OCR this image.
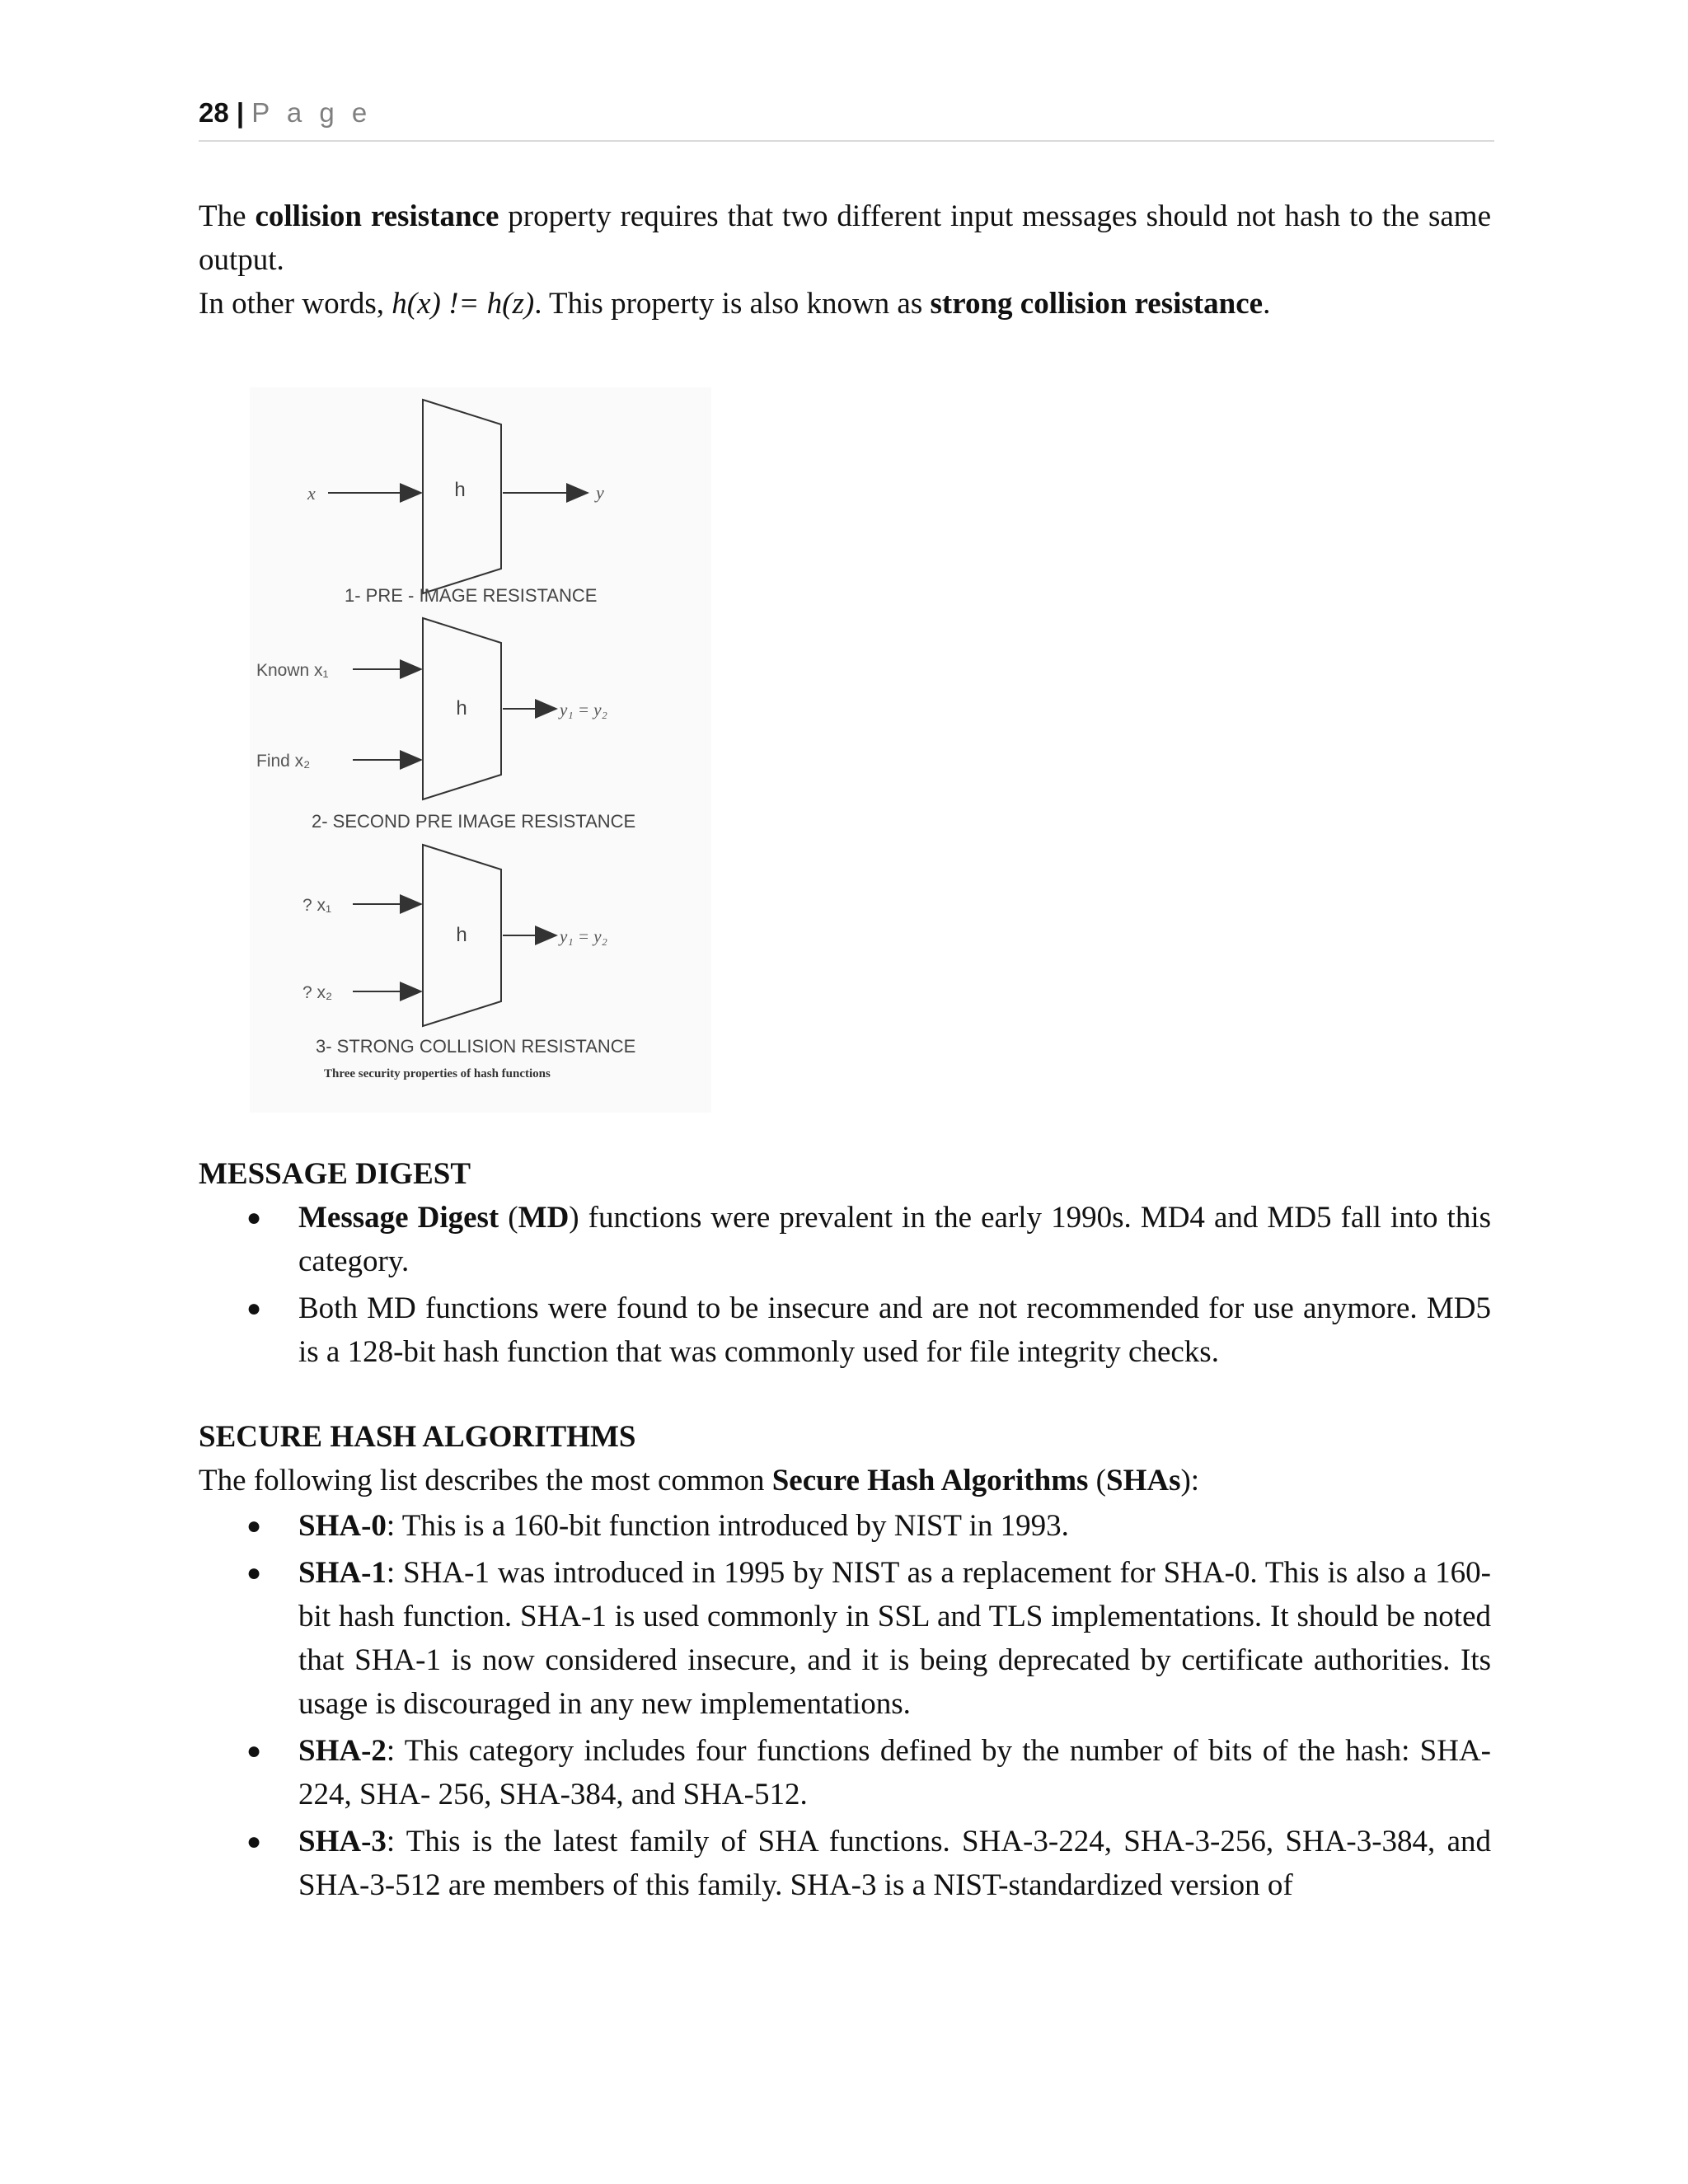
28 | P a g e

The collision resistance property requires that two different input messages should not hash to the same output.

In other words, h(x) != h(z). This property is also known as strong collision resistance.

h
x	y
1- PRE - IMAGE RESISTANCE
h
Known x₁
Find x₂
y₁ = y₂
2- SECOND PRE IMAGE RESISTANCE
h
? x₁
? x₂
y₁ = y₂
3- STRONG COLLISION RESISTANCE
Three security properties of hash functions
MESSAGE DIGEST
● Message Digest (MD) functions were prevalent in the early 1990s. MD4 and MD5 fall into this category.
● Both MD functions were found to be insecure and are not recommended for use anymore. MD5 is a 128-bit hash function that was commonly used for file integrity checks.
SECURE HASH ALGORITHMS

The following list describes the most common Secure Hash Algorithms (SHAs):

● SHA-0: This is a 160-bit function introduced by NIST in 1993.
● SHA-1: SHA-1 was introduced in 1995 by NIST as a replacement for SHA-0. This is also a 160-bit hash function. SHA-1 is used commonly in SSL and TLS implementations. It should be noted that SHA-1 is now considered insecure, and it is being deprecated by certificate authorities. Its usage is discouraged in any new implementations.
● SHA-2: This category includes four functions defined by the number of bits of the hash: SHA-224, SHA- 256, SHA-384, and SHA-512.
● SHA-3: This is the latest family of SHA functions. SHA-3-224, SHA-3-256, SHA-3-384, and SHA-3-512 are members of this family. SHA-3 is a NIST-standardized version of
